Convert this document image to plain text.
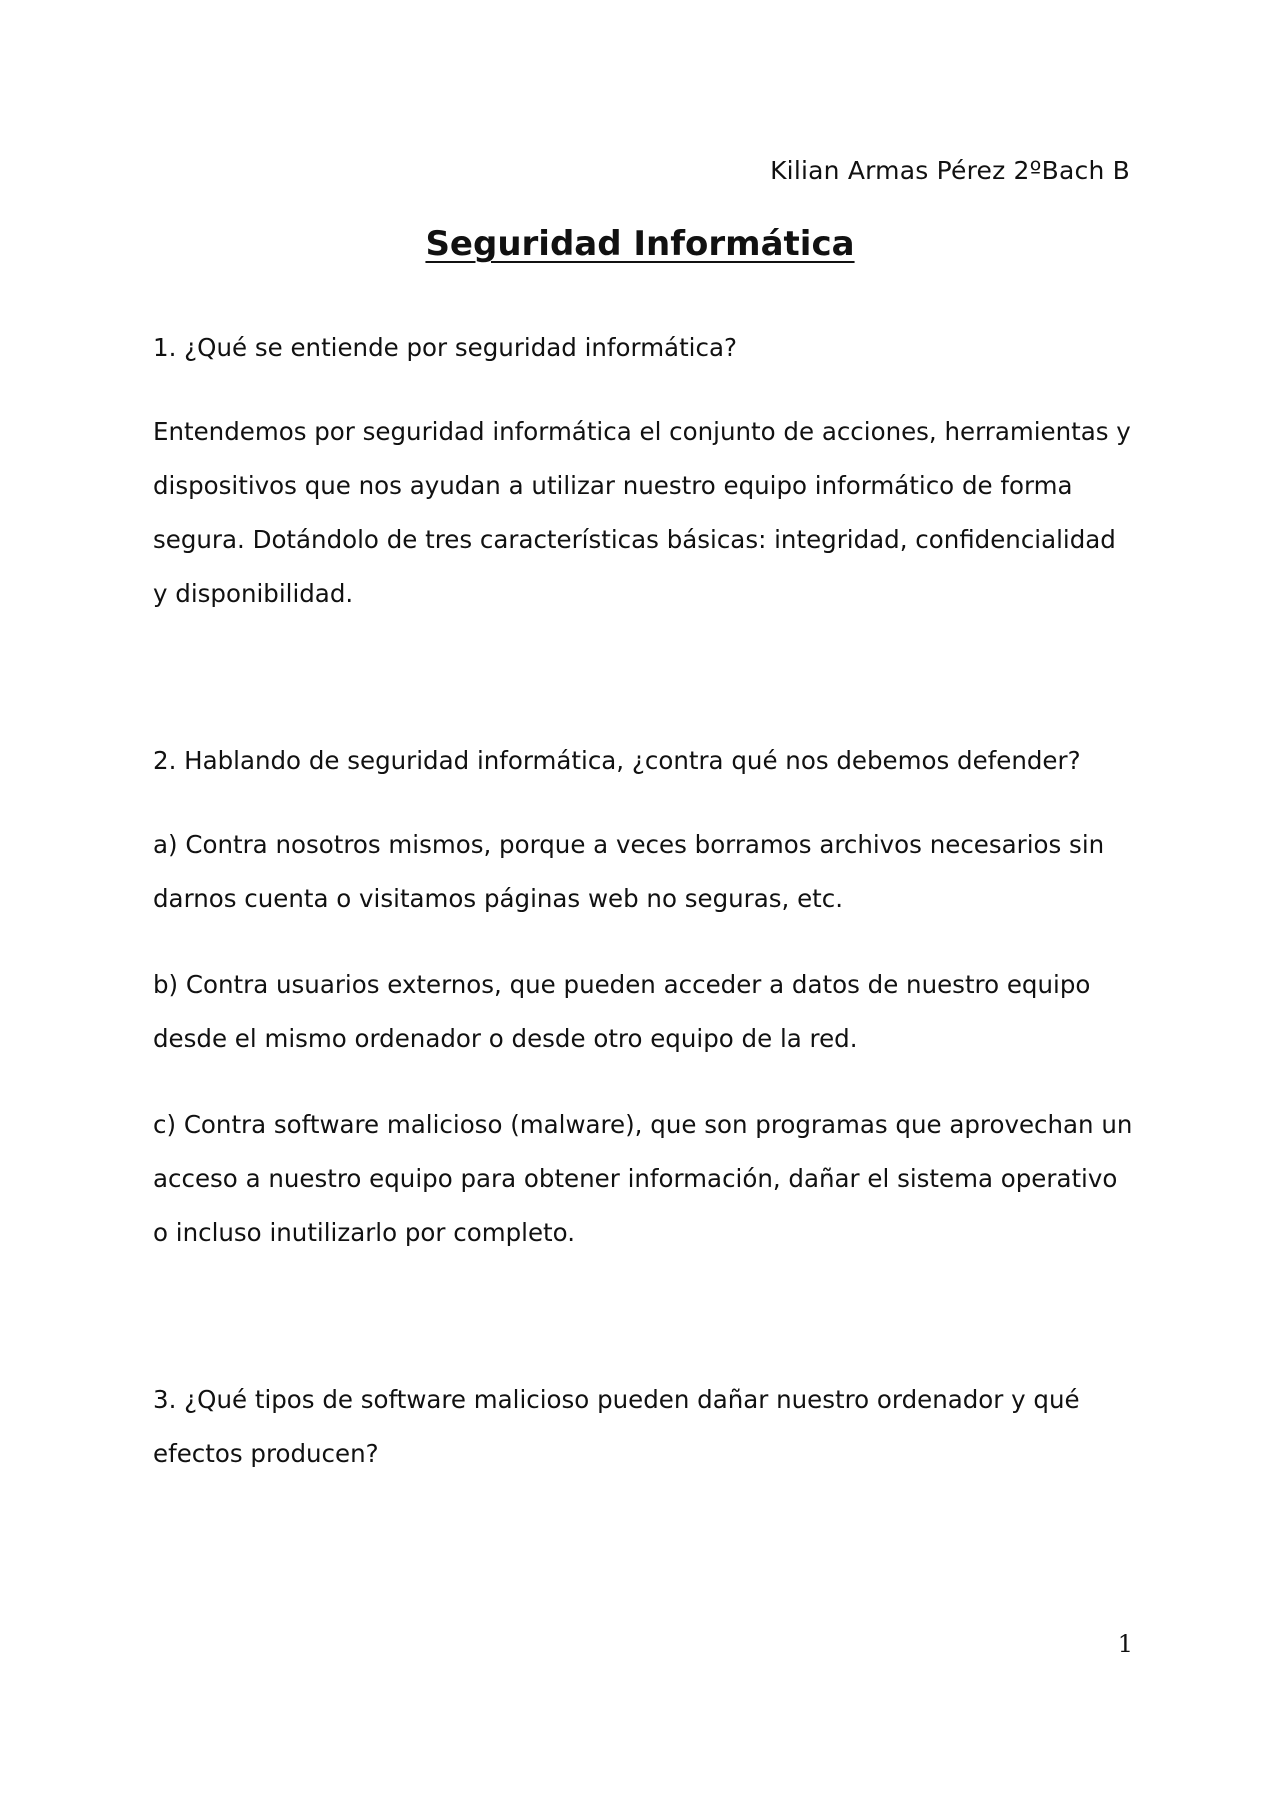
Kilian Armas Pérez 2ºBach B
Seguridad Informática

1. ¿Qué se entiende por seguridad informática?

Entendemos por seguridad informática el conjunto de acciones, herramientas y dispositivos que nos ayudan a utilizar nuestro equipo informático de forma segura. Dotándolo de tres características básicas: integridad, confidencialidad y disponibilidad.

2. Hablando de seguridad informática, ¿contra qué nos debemos defender?

a) Contra nosotros mismos, porque a veces borramos archivos necesarios sin darnos cuenta o visitamos páginas web no seguras, etc.

b) Contra usuarios externos, que pueden acceder a datos de nuestro equipo desde el mismo ordenador o desde otro equipo de la red.

c) Contra software malicioso (malware), que son programas que aprovechan un acceso a nuestro equipo para obtener información, dañar el sistema operativo o incluso inutilizarlo por completo.

3. ¿Qué tipos de software malicioso pueden dañar nuestro ordenador y qué efectos producen?

1
